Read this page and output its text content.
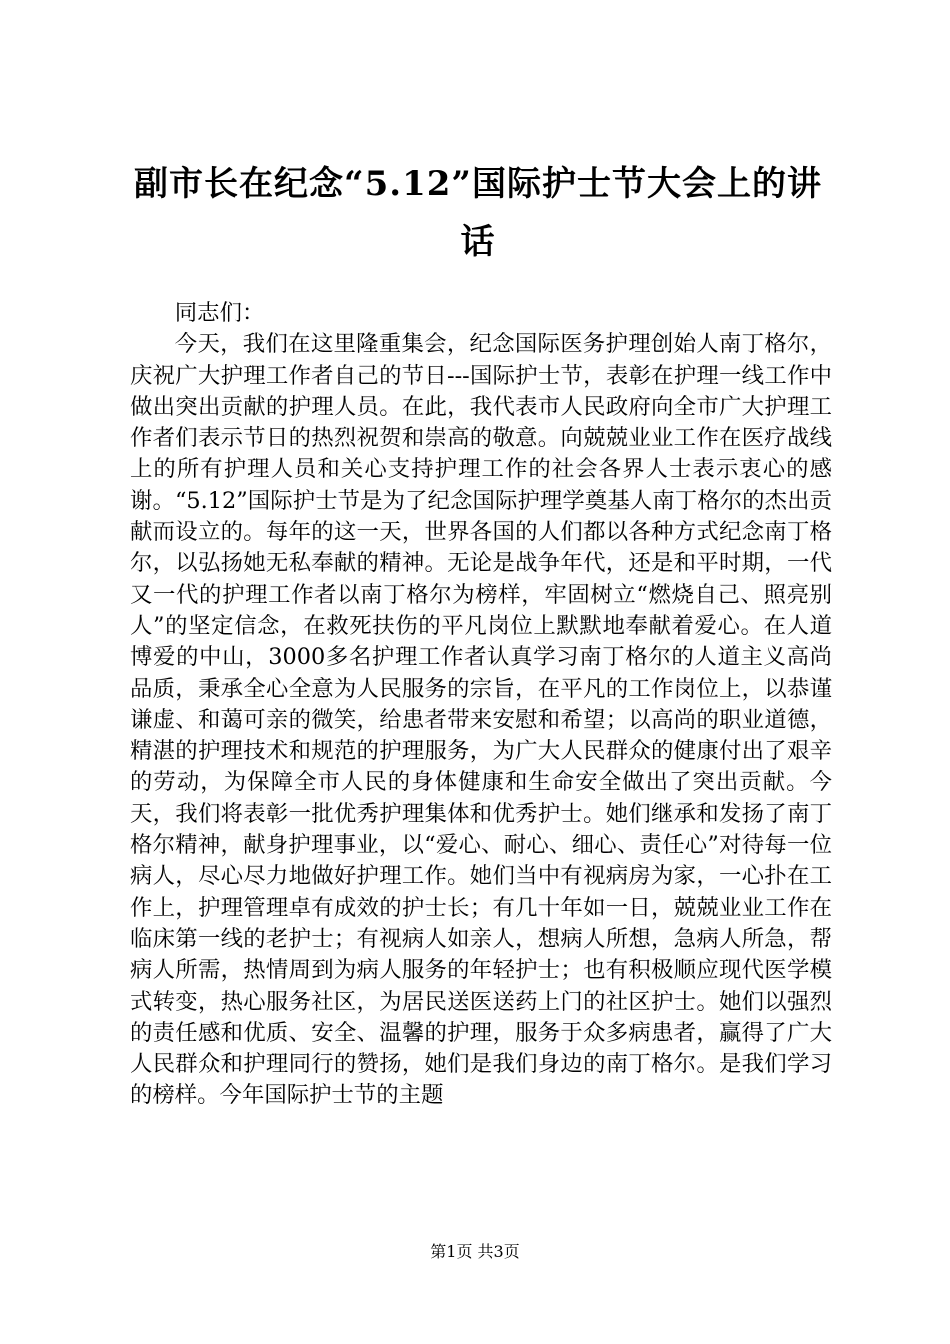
副市长在纪念“5.12”国际护士节大会上的讲话

同志们：

今天，我们在这里隆重集会，纪念国际医务护理创始人南丁格尔，庆祝广大护理工作者自己的节日---国际护士节，表彰在护理一线工作中做出突出贡献的护理人员。在此，我代表市人民政府向全市广大护理工作者们表示节日的热烈祝贺和崇高的敬意。向兢兢业业工作在医疗战线上的所有护理人员和关心支持护理工作的社会各界人士表示衷心的感谢。“5.12”国际护士节是为了纪念国际护理学奠基人南丁格尔的杰出贡献而设立的。每年的这一天，世界各国的人们都以各种方式纪念南丁格尔，以弘扬她无私奉献的精神。无论是战争年代，还是和平时期，一代又一代的护理工作者以南丁格尔为榜样，牢固树立“燃烧自己、照亮别人”的坚定信念，在救死扶伤的平凡岗位上默默地奉献着爱心。在人道博爱的中山，3000多名护理工作者认真学习南丁格尔的人道主义高尚品质，秉承全心全意为人民服务的宗旨，在平凡的工作岗位上，以恭谨谦虚、和蔼可亲的微笑，给患者带来安慰和希望；以高尚的职业道德，精湛的护理技术和规范的护理服务，为广大人民群众的健康付出了艰辛的劳动，为保障全市人民的身体健康和生命安全做出了突出贡献。今天，我们将表彰一批优秀护理集体和优秀护士。她们继承和发扬了南丁格尔精神，献身护理事业，以“爱心、耐心、细心、责任心”对待每一位病人，尽心尽力地做好护理工作。她们当中有视病房为家，一心扑在工作上，护理管理卓有成效的护士长；有几十年如一日，兢兢业业工作在临床第一线的老护士；有视病人如亲人，想病人所想，急病人所急，帮病人所需，热情周到为病人服务的年轻护士；也有积极顺应现代医学模式转变，热心服务社区，为居民送医送药上门的社区护士。她们以强烈的责任感和优质、安全、温馨的护理，服务于众多病患者，赢得了广大人民群众和护理同行的赞扬，她们是我们身边的南丁格尔。是我们学习的榜样。今年国际护士节的主题

第1页 共3页
